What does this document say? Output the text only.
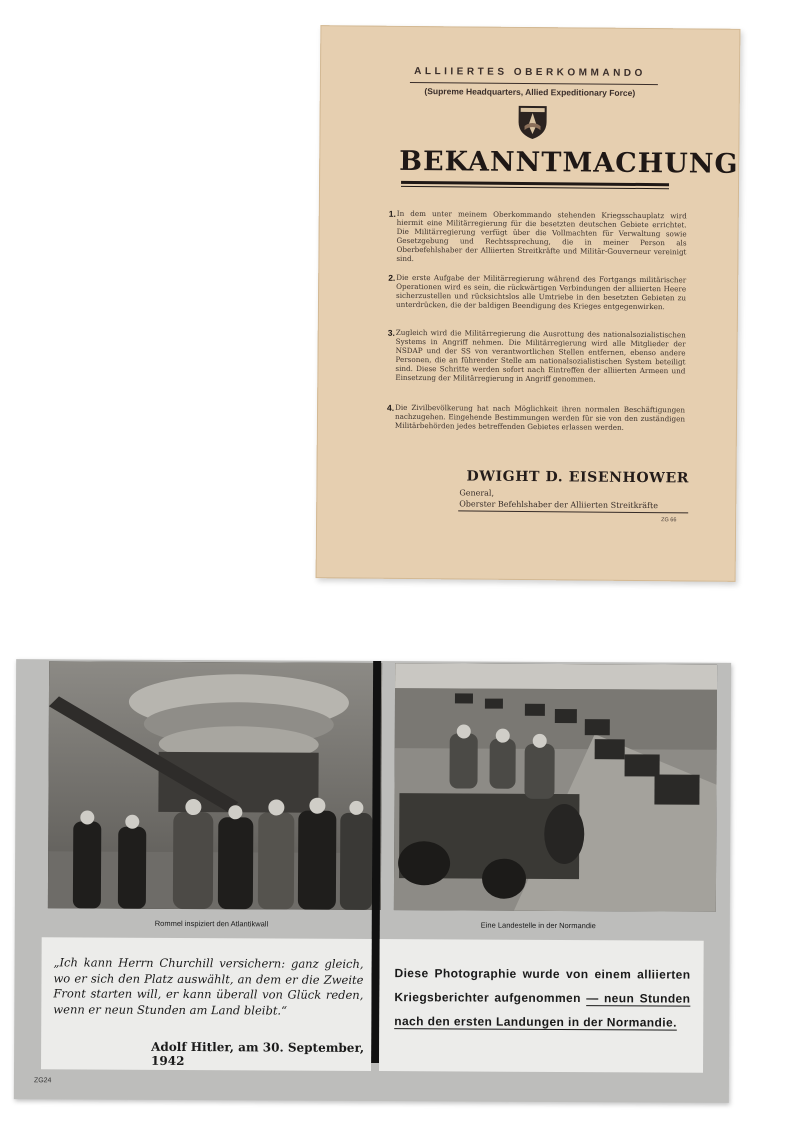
ALLIIERTES OBERKOMMANDO
(Supreme Headquarters, Allied Expeditionary Force)
BEKANNTMACHUNG
1. In dem unter meinem Oberkommando stehenden Kriegsschauplatz wird hiermit eine Militärregierung für die besetzten deutschen Gebiete errichtet. Die Militärregierung verfügt über die Vollmachten für Verwaltung sowie Gesetzgebung und Rechtssprechung, die in meiner Person als Oberbefehlshaber der Alliierten Streitkräfte und Militär-Gouverneur vereinigt sind.
2. Die erste Aufgabe der Militärregierung während des Fortgangs militärischer Operationen wird es sein, die rückwärtigen Verbindungen der alliierten Heere sicherzustellen und rücksichtslos alle Umtriebe in den besetzten Gebieten zu unterdrücken, die der baldigen Beendigung des Krieges entgegenwirken.
3. Zugleich wird die Militärregierung die Ausrottung des nationalsozialistischen Systems in Angriff nehmen. Die Militärregierung wird alle Mitglieder der NSDAP und der SS von verantwortlichen Stellen entfernen, ebenso andere Personen, die an führender Stelle am nationalsozialistischen System beteiligt sind. Diese Schritte werden sofort nach Eintreffen der alliierten Armeen und Einsetzung der Militärregierung in Angriff genommen.
4. Die Zivilbevölkerung hat nach Möglichkeit ihren normalen Beschäftigungen nachzugehen. Eingehende Bestimmungen werden für sie von den zuständigen Militärbehörden jedes betreffenden Gebietes erlassen werden.
DWIGHT D. EISENHOWER
General,
Oberster Befehlshaber der Alliierten Streitkräfte
ZG 66
Rommel inspiziert den Atlantikwall	Eine Landestelle in der Normandie
„Ich kann Herrn Churchill versichern: ganz gleich, wo er sich den Platz auswählt, an dem er die Zweite Front starten will, er kann überall von Glück reden, wenn er neun Stunden am Land bleibt.“
Adolf Hitler, am 30. September, 1942
Diese Photographie wurde von einem alliierten Kriegsberichter aufgenommen — neun Stunden nach den ersten Landungen in der Normandie.
ZG24
